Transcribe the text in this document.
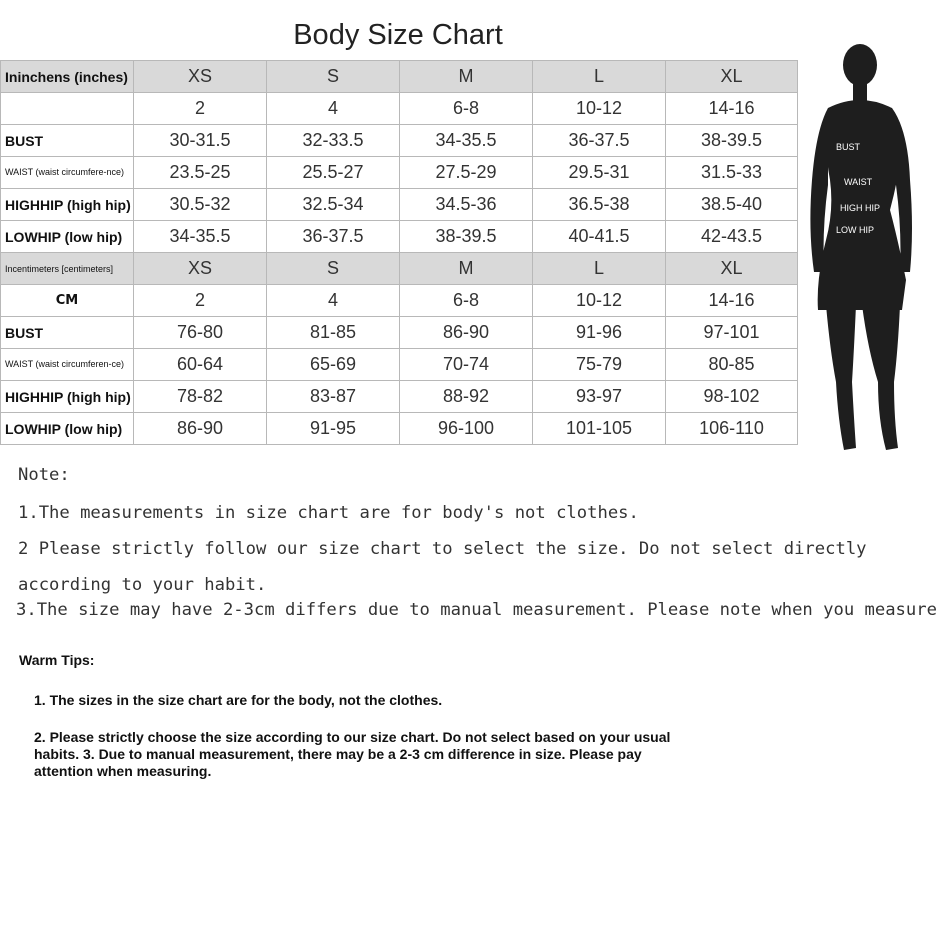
Body Size Chart
Ininchens (inches)	XS	S	M	L	XL
	2	4	6-8	10-12	14-16
BUST	30-31.5	32-33.5	34-35.5	36-37.5	38-39.5
WAIST (waist circumfere-nce)	23.5-25	25.5-27	27.5-29	29.5-31	31.5-33
HIGHHIP (high hip)	30.5-32	32.5-34	34.5-36	36.5-38	38.5-40
LOWHIP (low hip)	34-35.5	36-37.5	38-39.5	40-41.5	42-43.5
Incentimeters [centimeters]	XS	S	M	L	XL
CM	2	4	6-8	10-12	14-16
BUST	76-80	81-85	86-90	91-96	97-101
WAIST (waist circumferen-ce)	60-64	65-69	70-74	75-79	80-85
HIGHHIP (high hip)	78-82	83-87	88-92	93-97	98-102
LOWHIP (low hip)	86-90	91-95	96-100	101-105	106-110
BUST
WAIST
HIGH HIP
LOW HIP
Note:
1.The measurements in size chart are for body's not clothes.
2 Please strictly follow our size chart to select the size. Do not select directly
according to your habit.
3.The size may have 2-3cm differs due to manual measurement. Please note when you measure
Warm Tips:
1. The sizes in the size chart are for the body, not the clothes.
2. Please strictly choose the size according to our size chart. Do not select based on your usual habits. 3. Due to manual measurement, there may be a 2-3 cm difference in size. Please pay attention when measuring.
